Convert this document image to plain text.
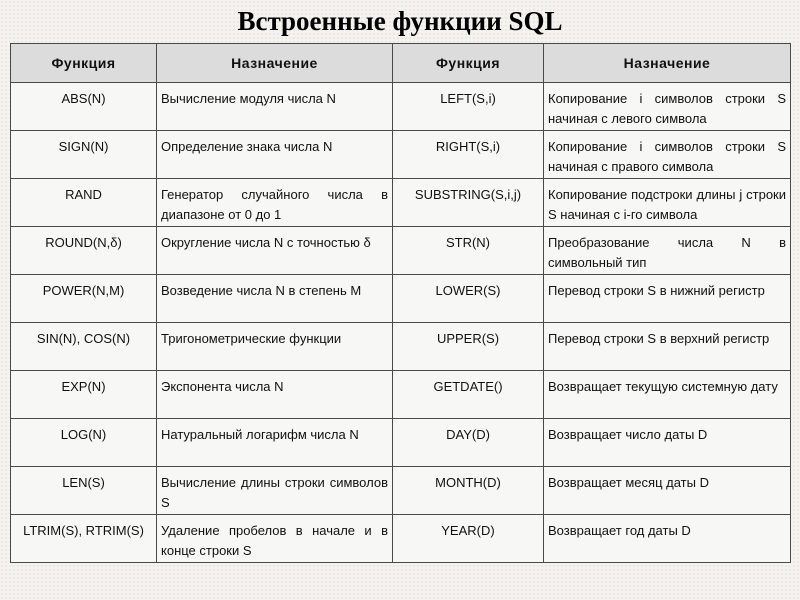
Встроенные функции SQL
Функция	Назначение	Функция	Назначение
ABS(N)	Вычисление модуля числа N	LEFT(S,i)	Копирование i символов строки S начиная с левого символа
SIGN(N)	Определение знака числа N	RIGHT(S,i)	Копирование i символов строки S начиная с правого символа
RAND	Генератор случайного числа в диапазоне от 0 до 1	SUBSTRING(S,i,j)	Копирование подстроки длины j строки S начиная с i-го символа
ROUND(N,δ)	Округление числа N с точностью δ	STR(N)	Преобразование числа N в символьный тип
POWER(N,M)	Возведение числа N в степень M	LOWER(S)	Перевод строки S в нижний регистр
SIN(N), COS(N)	Тригонометрические функции	UPPER(S)	Перевод строки S в верхний регистр
EXP(N)	Экспонента числа N	GETDATE()	Возвращает текущую системную дату
LOG(N)	Натуральный логарифм числа N	DAY(D)	Возвращает число даты D
LEN(S)	Вычисление длины строки символов S	MONTH(D)	Возвращает месяц даты D
LTRIM(S), RTRIM(S)	Удаление пробелов в начале и в конце строки S	YEAR(D)	Возвращает год даты D
